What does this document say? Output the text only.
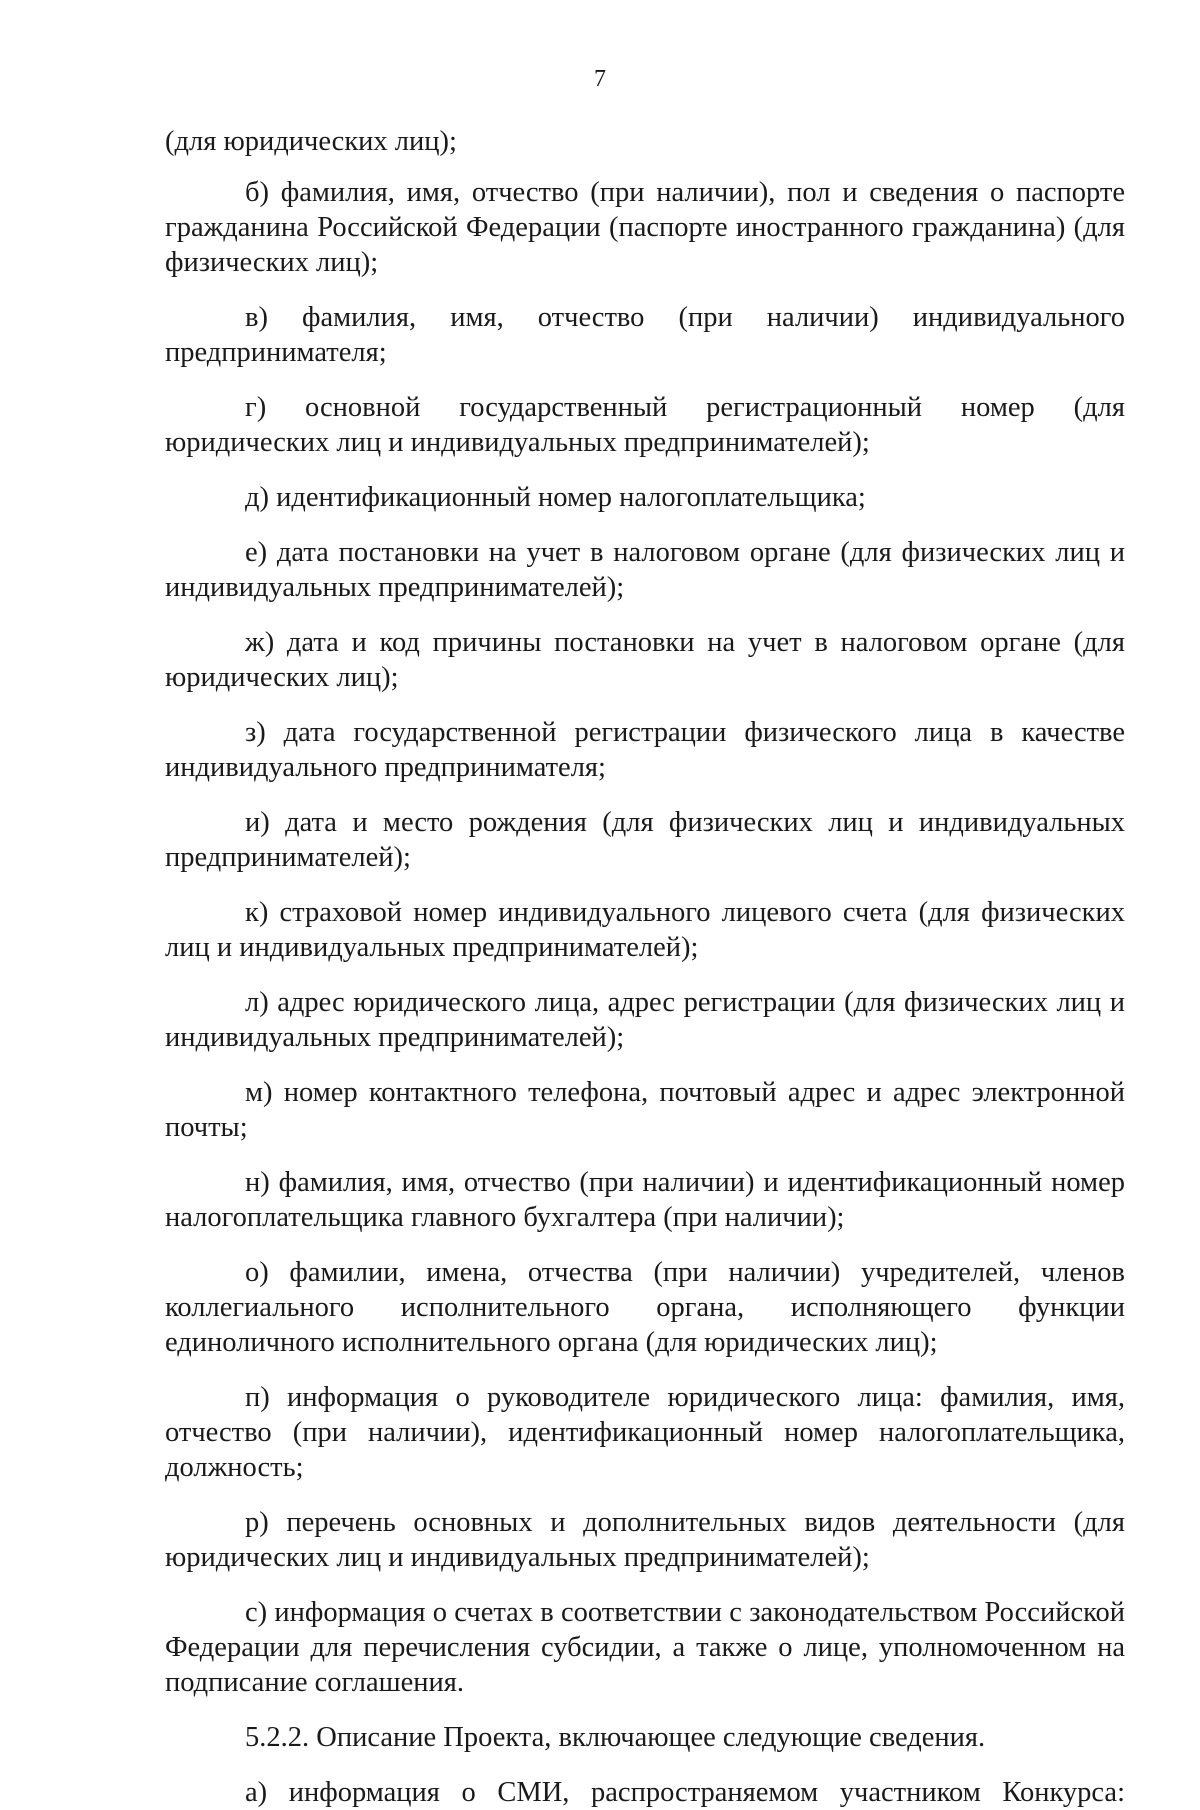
7

(для юридических лиц);

б) фамилия, имя, отчество (при наличии), пол и сведения о паспорте гражданина Российской Федерации (паспорте иностранного гражданина) (для физических лиц);

в) фамилия, имя, отчество (при наличии) индивидуального предпринимателя;

г) основной государственный регистрационный номер (для юридических лиц и индивидуальных предпринимателей);

д) идентификационный номер налогоплательщика;

е) дата постановки на учет в налоговом органе (для физических лиц и индивидуальных предпринимателей);

ж) дата и код причины постановки на учет в налоговом органе (для юридических лиц);

з) дата государственной регистрации физического лица в качестве индивидуального предпринимателя;

и) дата и место рождения (для физических лиц и индивидуальных предпринимателей);

к) страховой номер индивидуального лицевого счета (для физических лиц и индивидуальных предпринимателей);

л) адрес юридического лица, адрес регистрации (для физических лиц и индивидуальных предпринимателей);

м) номер контактного телефона, почтовый адрес и адрес электронной почты;

н) фамилия, имя, отчество (при наличии) и идентификационный номер налогоплательщика главного бухгалтера (при наличии);

о) фамилии, имена, отчества (при наличии) учредителей, членов коллегиального исполнительного органа, исполняющего функции единоличного исполнительного органа (для юридических лиц);

п) информация о руководителе юридического лица: фамилия, имя, отчество (при наличии), идентификационный номер налогоплательщика, должность;

р) перечень основных и дополнительных видов деятельности (для юридических лиц и индивидуальных предпринимателей);

с) информация о счетах в соответствии с законодательством Российской Федерации для перечисления субсидии, а также о лице, уполномоченном на подписание соглашения.

5.2.2. Описание Проекта, включающее следующие сведения.

а) информация о СМИ, распространяемом участником Конкурса:
